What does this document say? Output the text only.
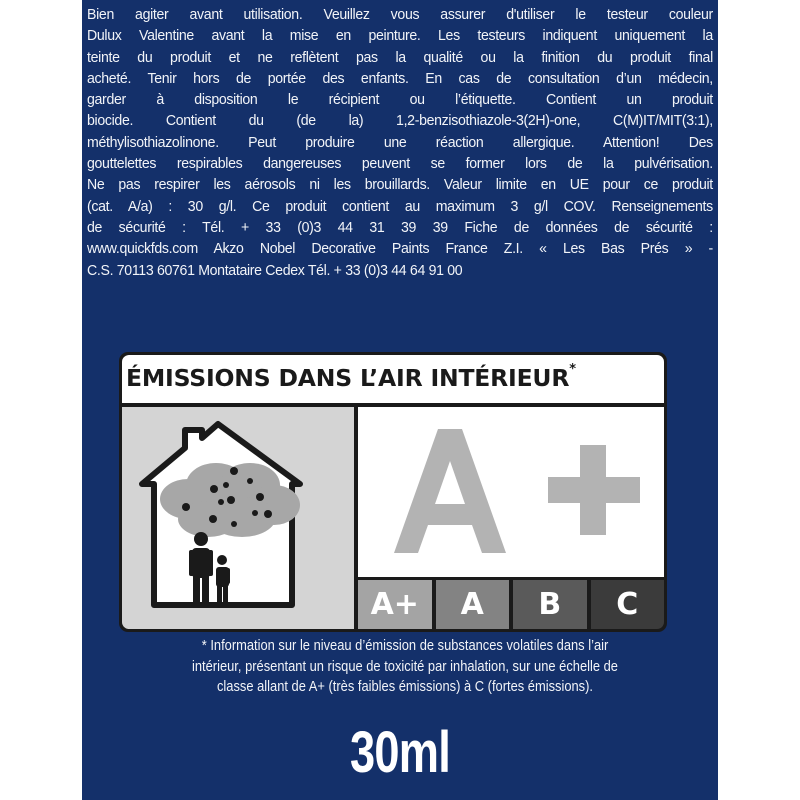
Bien agiter avant utilisation. Veuillez vous assurer d'utiliser le testeur couleur
Dulux Valentine avant la mise en peinture. Les testeurs indiquent uniquement la
teinte du produit et ne reflètent pas la qualité ou la finition du produit final
acheté. Tenir hors de portée des enfants. En cas de consultation d’un médecin,
garder à disposition le récipient ou l’étiquette. Contient un produit
biocide. Contient du (de la) 1,2-benzisothiazole-3(2H)-one, C(M)IT/MIT(3:1),
méthylisothiazolinone. Peut produire une réaction allergique. Attention! Des
gouttelettes respirables dangereuses peuvent se former lors de la pulvérisation.
Ne pas respirer les aérosols ni les brouillards. Valeur limite en UE pour ce produit
(cat. A/a) : 30 g/l. Ce produit contient au maximum 3 g/l COV. Renseignements
de sécurité : Tél. + 33 (0)3 44 31 39 39 Fiche de données de sécurité :
www.quickfds.com Akzo Nobel Decorative Paints France Z.I. « Les Bas Prés » -
C.S. 70113 60761 Montataire Cedex Tél. + 33 (0)3 44 64 91 00
ÉMISSIONS DANS L’AIR INTÉRIEUR*
A+	A	B	C
* Information sur le niveau d’émission de substances volatiles dans l’air
intérieur, présentant un risque de toxicité par inhalation, sur une échelle de
classe allant de A+ (très faibles émissions) à C (fortes émissions).
30ml
